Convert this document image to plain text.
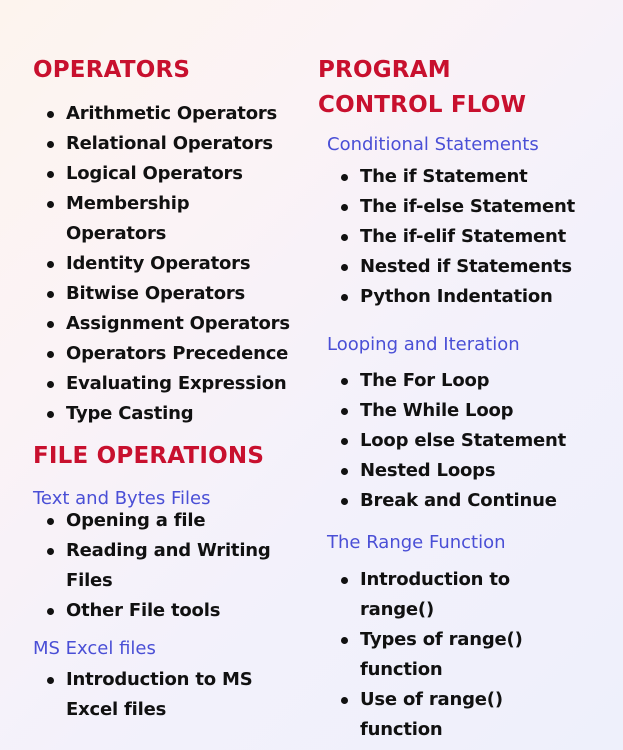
OPERATORS
Arithmetic Operators
Relational Operators
Logical Operators
Membership
Operators
Identity Operators
Bitwise Operators
Assignment Operators
Operators Precedence
Evaluating Expression
Type Casting
FILE OPERATIONS
Text and Bytes Files
Opening a file
Reading and Writing
Files
Other File tools
MS Excel files
Introduction to MS
Excel files
PROGRAM
CONTROL FLOW
Conditional Statements
The if Statement
The if-else Statement
The if-elif Statement
Nested if Statements
Python Indentation
Looping and Iteration
The For Loop
The While Loop
Loop else Statement
Nested Loops
Break and Continue
The Range Function
Introduction to
range()
Types of range()
function
Use of range()
function
